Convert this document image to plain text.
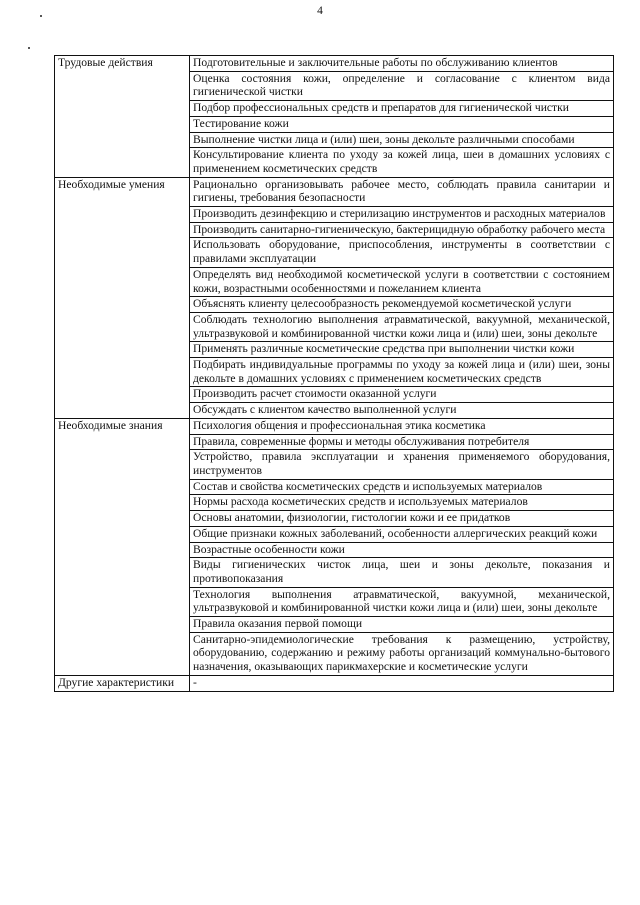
4
Трудовые действия	Подготовительные и заключительные работы по обслуживанию клиентов
	Оценка состояния кожи, определение и согласование с клиентом вида гигиенической чистки
	Подбор профессиональных средств и препаратов для гигиенической чистки
	Тестирование кожи
	Выполнение чистки лица и (или) шеи, зоны декольте различными способами
	Консультирование клиента по уходу за кожей лица, шеи в домашних условиях с применением косметических средств
Необходимые умения	Рационально организовывать рабочее место, соблюдать правила санитарии и гигиены, требования безопасности
	Производить дезинфекцию и стерилизацию инструментов и расходных материалов
	Производить санитарно-гигиеническую, бактерицидную обработку рабочего места
	Использовать оборудование, приспособления, инструменты в соответствии с правилами эксплуатации
	Определять вид необходимой косметической услуги в соответствии с состоянием кожи, возрастными особенностями и пожеланием клиента
	Объяснять клиенту целесообразность рекомендуемой косметической услуги
	Соблюдать технологию выполнения атравматической, вакуумной, механической, ультразвуковой и комбинированной чистки кожи лица и (или) шеи, зоны декольте
	Применять различные косметические средства при выполнении чистки кожи
	Подбирать индивидуальные программы по уходу за кожей лица и (или) шеи, зоны декольте в домашних условиях с применением косметических средств
	Производить расчет стоимости оказанной услуги
	Обсуждать с клиентом качество выполненной услуги
Необходимые знания	Психология общения и профессиональная этика косметика
	Правила, современные формы и методы обслуживания потребителя
	Устройство, правила эксплуатации и хранения применяемого оборудования, инструментов
	Состав и свойства косметических средств и используемых материалов
	Нормы расхода косметических средств и используемых материалов
	Основы анатомии, физиологии, гистологии кожи и ее придатков
	Общие признаки кожных заболеваний, особенности аллергических реакций кожи
	Возрастные особенности кожи
	Виды гигиенических чисток лица, шеи и зоны декольте, показания и противопоказания
	Технология выполнения атравматической, вакуумной, механической, ультразвуковой и комбинированной чистки кожи лица и (или) шеи, зоны декольте
	Правила оказания первой помощи
	Санитарно-эпидемиологические требования к размещению, устройству, оборудованию, содержанию и режиму работы организаций коммунально-бытового назначения, оказывающих парикмахерские и косметические услуги
Другие характеристики	-
